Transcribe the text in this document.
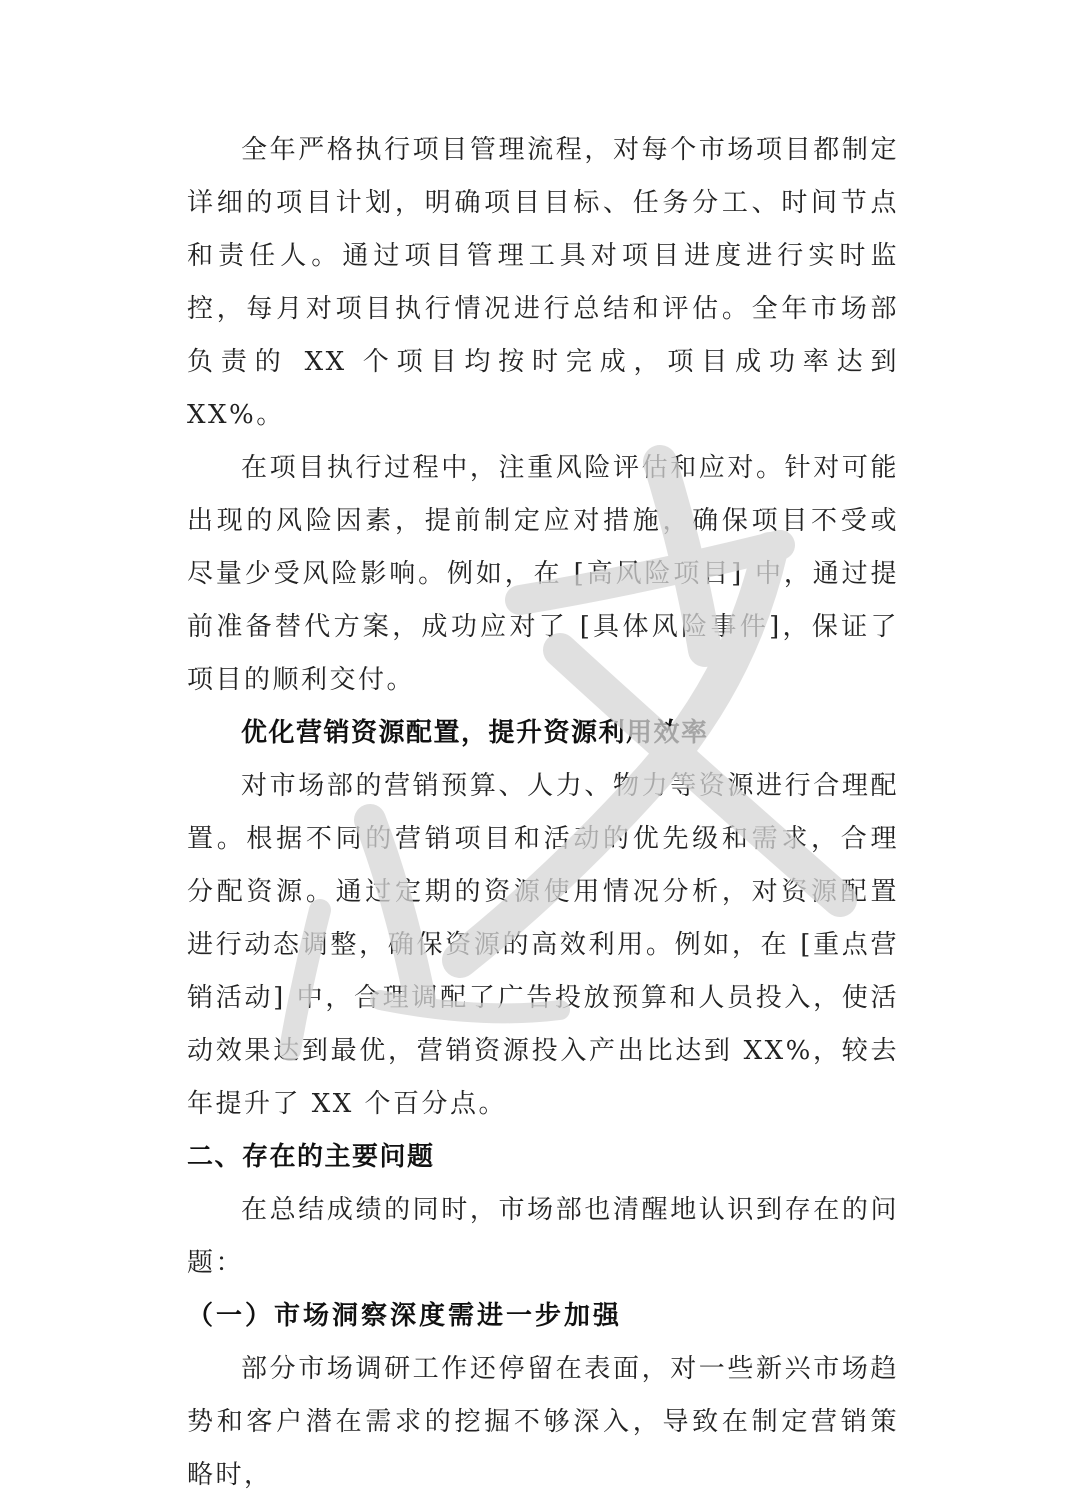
全年严格执行项目管理流程，对每个市场项目都制定详细的项目计划，明确项目目标、任务分工、时间节点和责任人。通过项目管理工具对项目进度进行实时监控，每月对项目执行情况进行总结和评估。全年市场部负责的 XX 个项目均按时完成，项目成功率达到 XX%。

在项目执行过程中，注重风险评估和应对。针对可能出现的风险因素，提前制定应对措施，确保项目不受或尽量少受风险影响。例如，在 [高风险项目] 中，通过提前准备替代方案，成功应对了 [具体风险事件]，保证了项目的顺利交付。

优化营销资源配置，提升资源利用效率

对市场部的营销预算、人力、物力等资源进行合理配置。根据不同的营销项目和活动的优先级和需求，合理分配资源。通过定期的资源使用情况分析，对资源配置进行动态调整，确保资源的高效利用。例如，在 [重点营销活动] 中，合理调配了广告投放预算和人员投入，使活动效果达到最优，营销资源投入产出比达到 XX%，较去年提升了 XX 个百分点。

二、存在的主要问题

在总结成绩的同时，市场部也清醒地认识到存在的问题：

（一）市场洞察深度需进一步加强

部分市场调研工作还停留在表面，对一些新兴市场趋势和客户潜在需求的挖掘不够深入，导致在制定营销策略时，
